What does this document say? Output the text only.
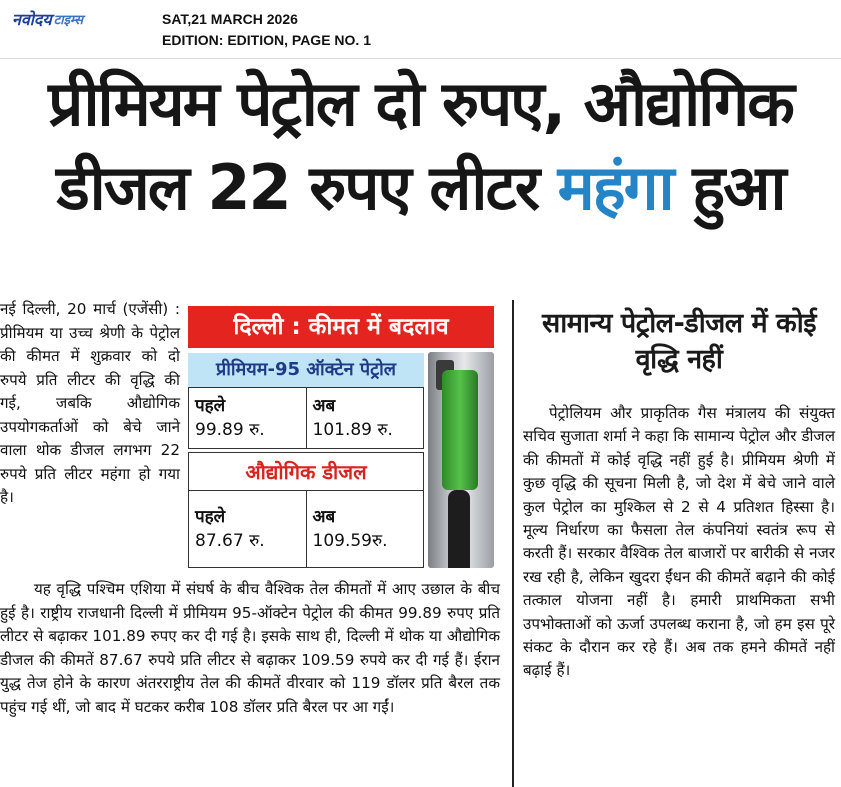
नवोदय टाइम्स	SAT,21 MARCH 2026
EDITION: EDITION, PAGE NO. 1
प्रीमियम पेट्रोल दो रुपए, औद्योगिक
डीजल 22 रुपए लीटर महंगा हुआ
नई दिल्ली, 20 मार्च (एजेंसी) : प्रीमियम या उच्च श्रेणी के पेट्रोल की कीमत में शुक्रवार को दो रुपये प्रति लीटर की वृद्धि की गई, जबकि औद्योगिक उपयोगकर्ताओं को बेचे जाने वाला थोक डीजल लगभग 22 रुपये प्रति लीटर महंगा हो गया है।
दिल्ली : कीमत में बदलाव
प्रीमियम-95 ऑक्टेन पेट्रोल
पहले
99.89 रु.
अब
101.89 रु.
औद्योगिक डीजल
पहले
87.67 रु.
अब
109.59रु.
यह वृद्धि पश्चिम एशिया में संघर्ष के बीच वैश्विक तेल कीमतों में आए उछाल के बीच हुई है। राष्ट्रीय राजधानी दिल्ली में प्रीमियम 95-ऑक्टेन पेट्रोल की कीमत 99.89 रुपए प्रति लीटर से बढ़ाकर 101.89 रुपए कर दी गई है। इसके साथ ही, दिल्ली में थोक या औद्योगिक डीजल की कीमतें 87.67 रुपये प्रति लीटर से बढ़ाकर 109.59 रुपये कर दी गई हैं। ईरान युद्ध तेज होने के कारण अंतरराष्ट्रीय तेल की कीमतें वीरवार को 119 डॉलर प्रति बैरल तक पहुंच गई थीं, जो बाद में घटकर करीब 108 डॉलर प्रति बैरल पर आ गईं।
सामान्य पेट्रोल-डीजल में कोई वृद्धि नहीं
पेट्रोलियम और प्राकृतिक गैस मंत्रालय की संयुक्त सचिव सुजाता शर्मा ने कहा कि सामान्य पेट्रोल और डीजल की कीमतों में कोई वृद्धि नहीं हुई है। प्रीमियम श्रेणी में कुछ वृद्धि की सूचना मिली है, जो देश में बेचे जाने वाले कुल पेट्रोल का मुश्किल से 2 से 4 प्रतिशत हिस्सा है। मूल्य निर्धारण का फैसला तेल कंपनियां स्वतंत्र रूप से करती हैं। सरकार वैश्विक तेल बाजारों पर बारीकी से नजर रख रही है, लेकिन खुदरा ईंधन की कीमतें बढ़ाने की कोई तत्काल योजना नहीं है। हमारी प्राथमिकता सभी उपभोक्ताओं को ऊर्जा उपलब्ध कराना है, जो हम इस पूरे संकट के दौरान कर रहे हैं। अब तक हमने कीमतें नहीं बढ़ाई हैं।
